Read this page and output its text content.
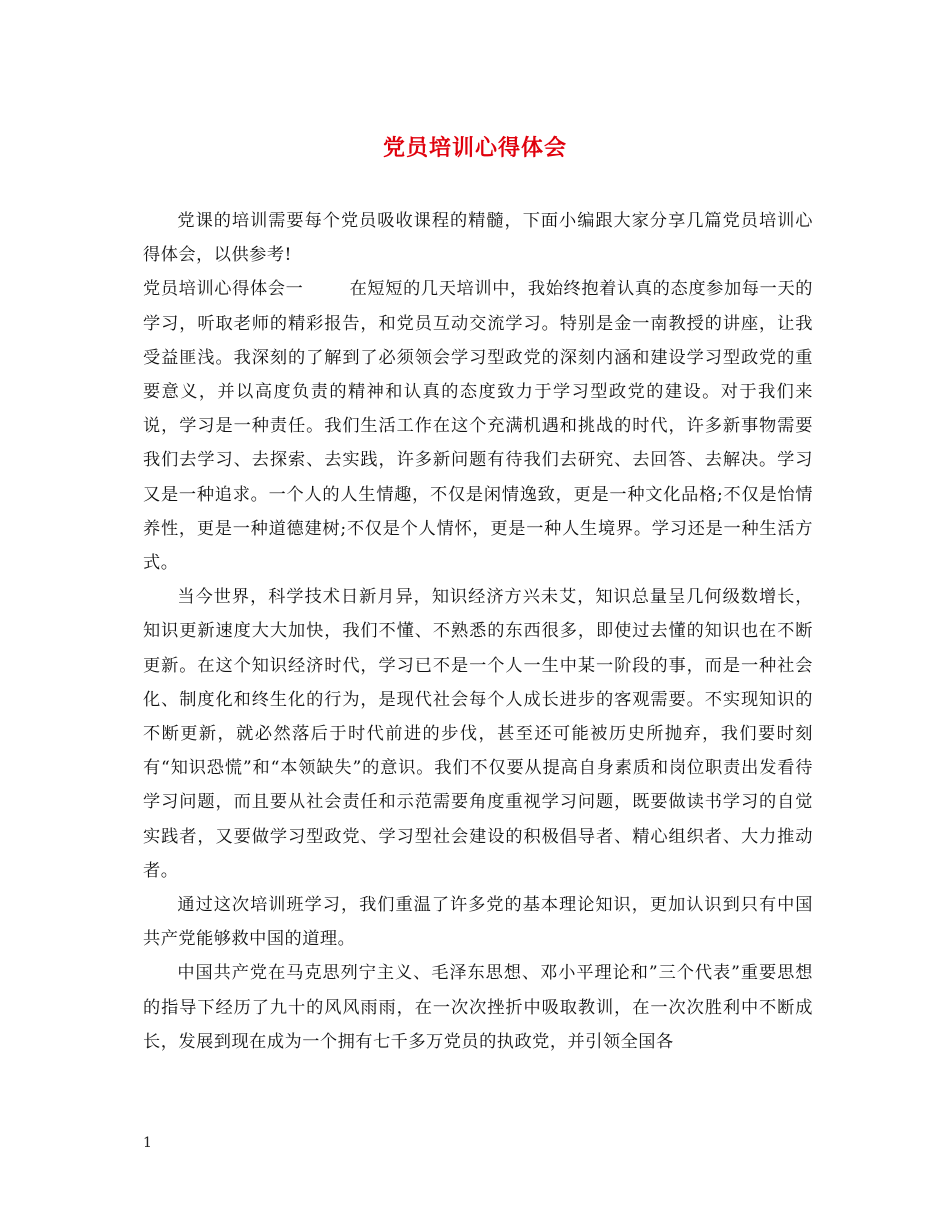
党员培训心得体会

党课的培训需要每个党员吸收课程的精髓，下面小编跟大家分享几篇党员培训心得体会，以供参考!

党员培训心得体会一	在短短的几天培训中，我始终抱着认真的态度参加每一天的学习，听取老师的精彩报告，和党员互动交流学习。特别是金一南教授的讲座，让我受益匪浅。我深刻的了解到了必须领会学习型政党的深刻内涵和建设学习型政党的重要意义，并以高度负责的精神和认真的态度致力于学习型政党的建设。对于我们来说，学习是一种责任。我们生活工作在这个充满机遇和挑战的时代，许多新事物需要我们去学习、去探索、去实践，许多新问题有待我们去研究、去回答、去解决。学习又是一种追求。一个人的人生情趣，不仅是闲情逸致，更是一种文化品格;不仅是怡情养性，更是一种道德建树;不仅是个人情怀，更是一种人生境界。学习还是一种生活方式。

当今世界，科学技术日新月异，知识经济方兴未艾，知识总量呈几何级数增长，知识更新速度大大加快，我们不懂、不熟悉的东西很多，即使过去懂的知识也在不断更新。在这个知识经济时代，学习已不是一个人一生中某一阶段的事，而是一种社会化、制度化和终生化的行为，是现代社会每个人成长进步的客观需要。不实现知识的不断更新，就必然落后于时代前进的步伐，甚至还可能被历史所抛弃，我们要时刻有“知识恐慌”和“本领缺失”的意识。我们不仅要从提高自身素质和岗位职责出发看待学习问题，而且要从社会责任和示范需要角度重视学习问题，既要做读书学习的自觉实践者，又要做学习型政党、学习型社会建设的积极倡导者、精心组织者、大力推动者。

通过这次培训班学习，我们重温了许多党的基本理论知识，更加认识到只有中国共产党能够救中国的道理。

中国共产党在马克思列宁主义、毛泽东思想、邓小平理论和”三个代表”重要思想的指导下经历了九十的风风雨雨，在一次次挫折中吸取教训，在一次次胜利中不断成长，发展到现在成为一个拥有七千多万党员的执政党，并引领全国各

1
